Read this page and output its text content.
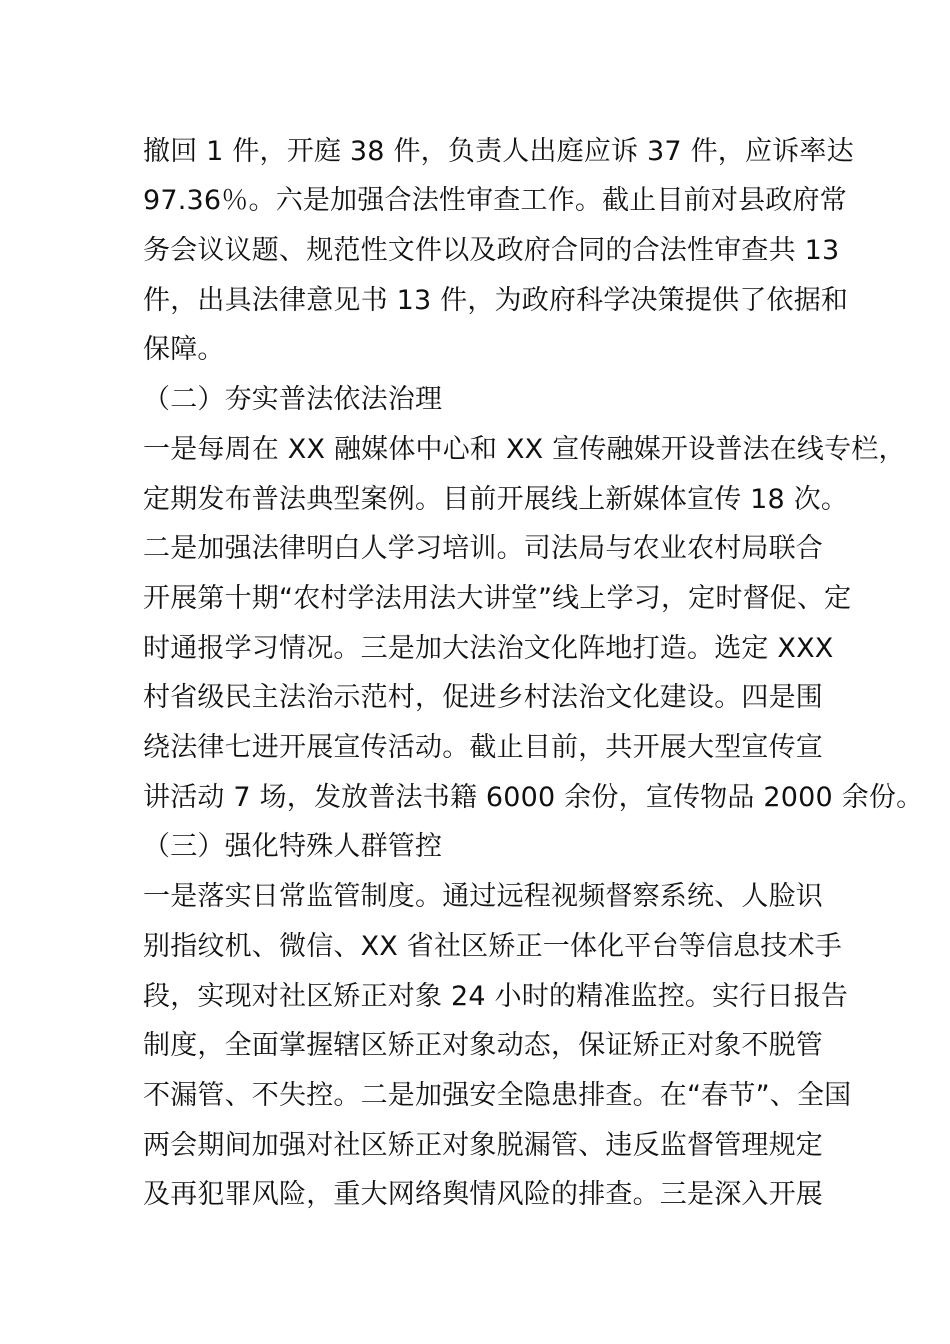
撤回 1 件，开庭 38 件，负责人出庭应诉 37 件，应诉率达
97.36％。六是加强合法性审查工作。截止目前对县政府常
务会议议题、规范性文件以及政府合同的合法性审查共 13
件，出具法律意见书 13 件，为政府科学决策提供了依据和
保障。
（二）夯实普法依法治理
一是每周在 XX 融媒体中心和 XX 宣传融媒开设普法在线专栏，
定期发布普法典型案例。目前开展线上新媒体宣传 18 次。
二是加强法律明白人学习培训。司法局与农业农村局联合
开展第十期“农村学法用法大讲堂”线上学习，定时督促、定
时通报学习情况。三是加大法治文化阵地打造。选定 XXX
村省级民主法治示范村，促进乡村法治文化建设。四是围
绕法律七进开展宣传活动。截止目前，共开展大型宣传宣
讲活动 7 场，发放普法书籍 6000 余份，宣传物品 2000 余份。
（三）强化特殊人群管控
一是落实日常监管制度。通过远程视频督察系统、人脸识
别指纹机、微信、XX 省社区矫正一体化平台等信息技术手
段，实现对社区矫正对象 24 小时的精准监控。实行日报告
制度，全面掌握辖区矫正对象动态，保证矫正对象不脱管
不漏管、不失控。二是加强安全隐患排查。在“春节”、全国
两会期间加强对社区矫正对象脱漏管、违反监督管理规定
及再犯罪风险，重大网络舆情风险的排查。三是深入开展
